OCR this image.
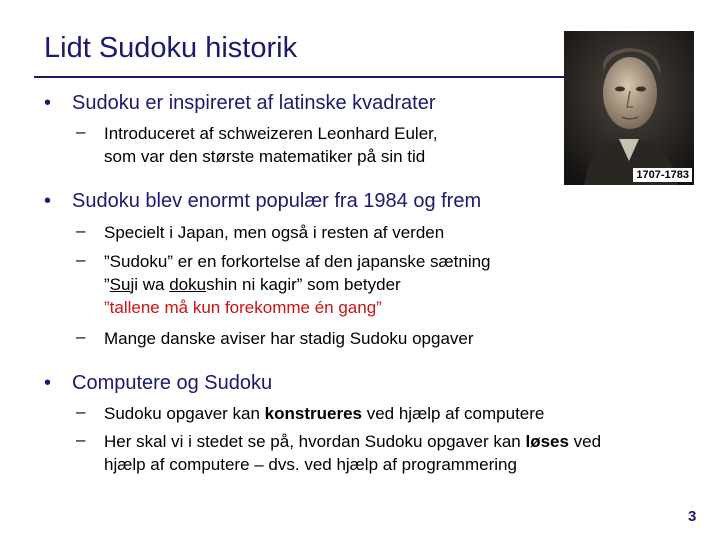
Lidt Sudoku historik
1707-1783
• Sudoku er inspireret af latinske kvadrater
– Introduceret af schweizeren Leonhard Euler,
som var den største matematiker på sin tid
• Sudoku blev enormt populær fra 1984 og frem
– Specielt i Japan, men også i resten af verden
– ”Sudoku” er en forkortelse af den japanske sætning
”Suji wa dokushin ni kagir” som betyder
”tallene må kun forekomme én gang”
– Mange danske aviser har stadig Sudoku opgaver
• Computere og Sudoku
– Sudoku opgaver kan konstrueres ved hjælp af computere
– Her skal vi i stedet se på, hvordan Sudoku opgaver kan løses ved
hjælp af computere – dvs. ved hjælp af programmering
3
